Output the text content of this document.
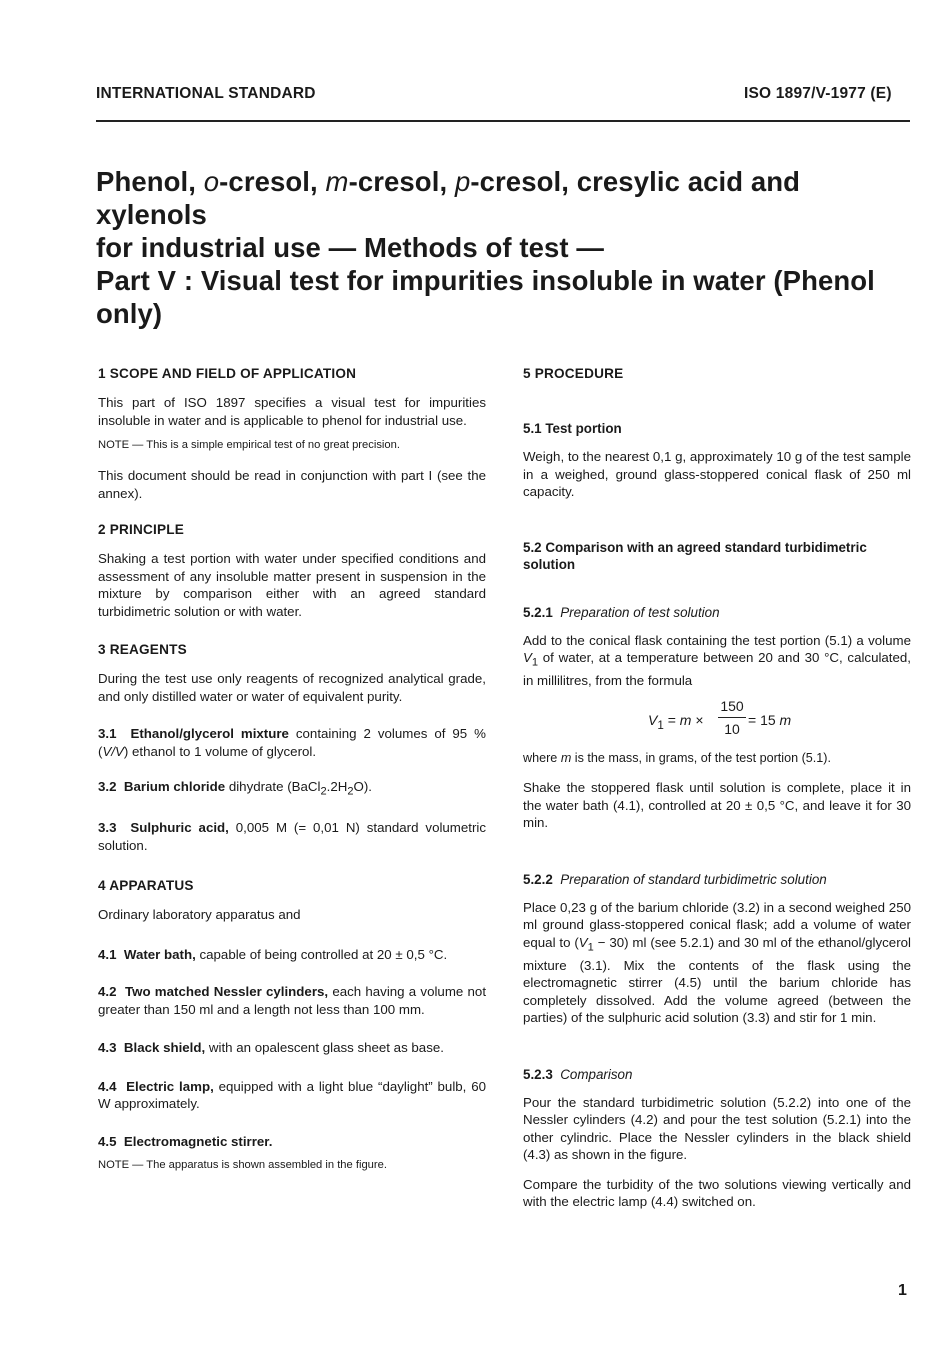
INTERNATIONAL STANDARD	ISO 1897/V-1977 (E)
Phenol, o-cresol, m-cresol, p-cresol, cresylic acid and xylenols
for industrial use — Methods of test —
Part V : Visual test for impurities insoluble in water (Phenol
only)
1 SCOPE AND FIELD OF APPLICATION

This part of ISO 1897 specifies a visual test for impurities insoluble in water and is applicable to phenol for industrial use.

NOTE — This is a simple empirical test of no great precision.

This document should be read in conjunction with part I (see the annex).

2 PRINCIPLE

Shaking a test portion with water under specified conditions and assessment of any insoluble matter present in suspension in the mixture by comparison either with an agreed standard turbidimetric solution or with water.

3 REAGENTS

During the test use only reagents of recognized analytical grade, and only distilled water or water of equivalent purity.

3.1 Ethanol/glycerol mixture containing 2 volumes of 95 % (V/V) ethanol to 1 volume of glycerol.

3.2 Barium chloride dihydrate $(BaCl_2.2H_2O)$.

3.3 Sulphuric acid, 0,005 M (= 0,01 N) standard volumetric solution.

4 APPARATUS

Ordinary laboratory apparatus and

4.1 Water bath, capable of being controlled at 20 ± 0,5 °C.

4.2 Two matched Nessler cylinders, each having a volume not greater than 150 ml and a length not less than 100 mm.

4.3 Black shield, with an opalescent glass sheet as base.

4.4 Electric lamp, equipped with a light blue “daylight” bulb, 60 W approximately.

4.5 Electromagnetic stirrer.

NOTE — The apparatus is shown assembled in the figure.

5 PROCEDURE
5.1 Test portion

Weigh, to the nearest 0,1 g, approximately 10 g of the test sample in a weighed, ground glass-stoppered conical flask of 250 ml capacity.

5.2 Comparison with an agreed standard turbidimetric solution

5.2.1 Preparation of test solution

Add to the conical flask containing the test portion (5.1) a volume $V_1$ of water, at a temperature between 20 and 30 °C, calculated, in millilitres, from the formula

$V_1 = m$ ×
150
10
= 15 m

where m is the mass, in grams, of the test portion (5.1).

Shake the stoppered flask until solution is complete, place it in the water bath (4.1), controlled at 20 ± 0,5 °C, and leave it for 30 min.

5.2.2 Preparation of standard turbidimetric solution

Place 0,23 g of the barium chloride (3.2) in a second weighed 250 ml ground glass-stoppered conical flask; add a volume of water equal to $(V_1 - 30)$ ml (see 5.2.1) and 30 ml of the ethanol/glycerol mixture (3.1). Mix the contents of the flask using the electromagnetic stirrer (4.5) until the barium chloride has completely dissolved. Add the volume agreed (between the parties) of the sulphuric acid solution (3.3) and stir for 1 min.

5.2.3 Comparison

Pour the standard turbidimetric solution (5.2.2) into one of the Nessler cylinders (4.2) and pour the test solution (5.2.1) into the other cylindric. Place the Nessler cylinders in the black shield (4.3) as shown in the figure.

Compare the turbidity of the two solutions viewing vertically and with the electric lamp (4.4) switched on.

1
